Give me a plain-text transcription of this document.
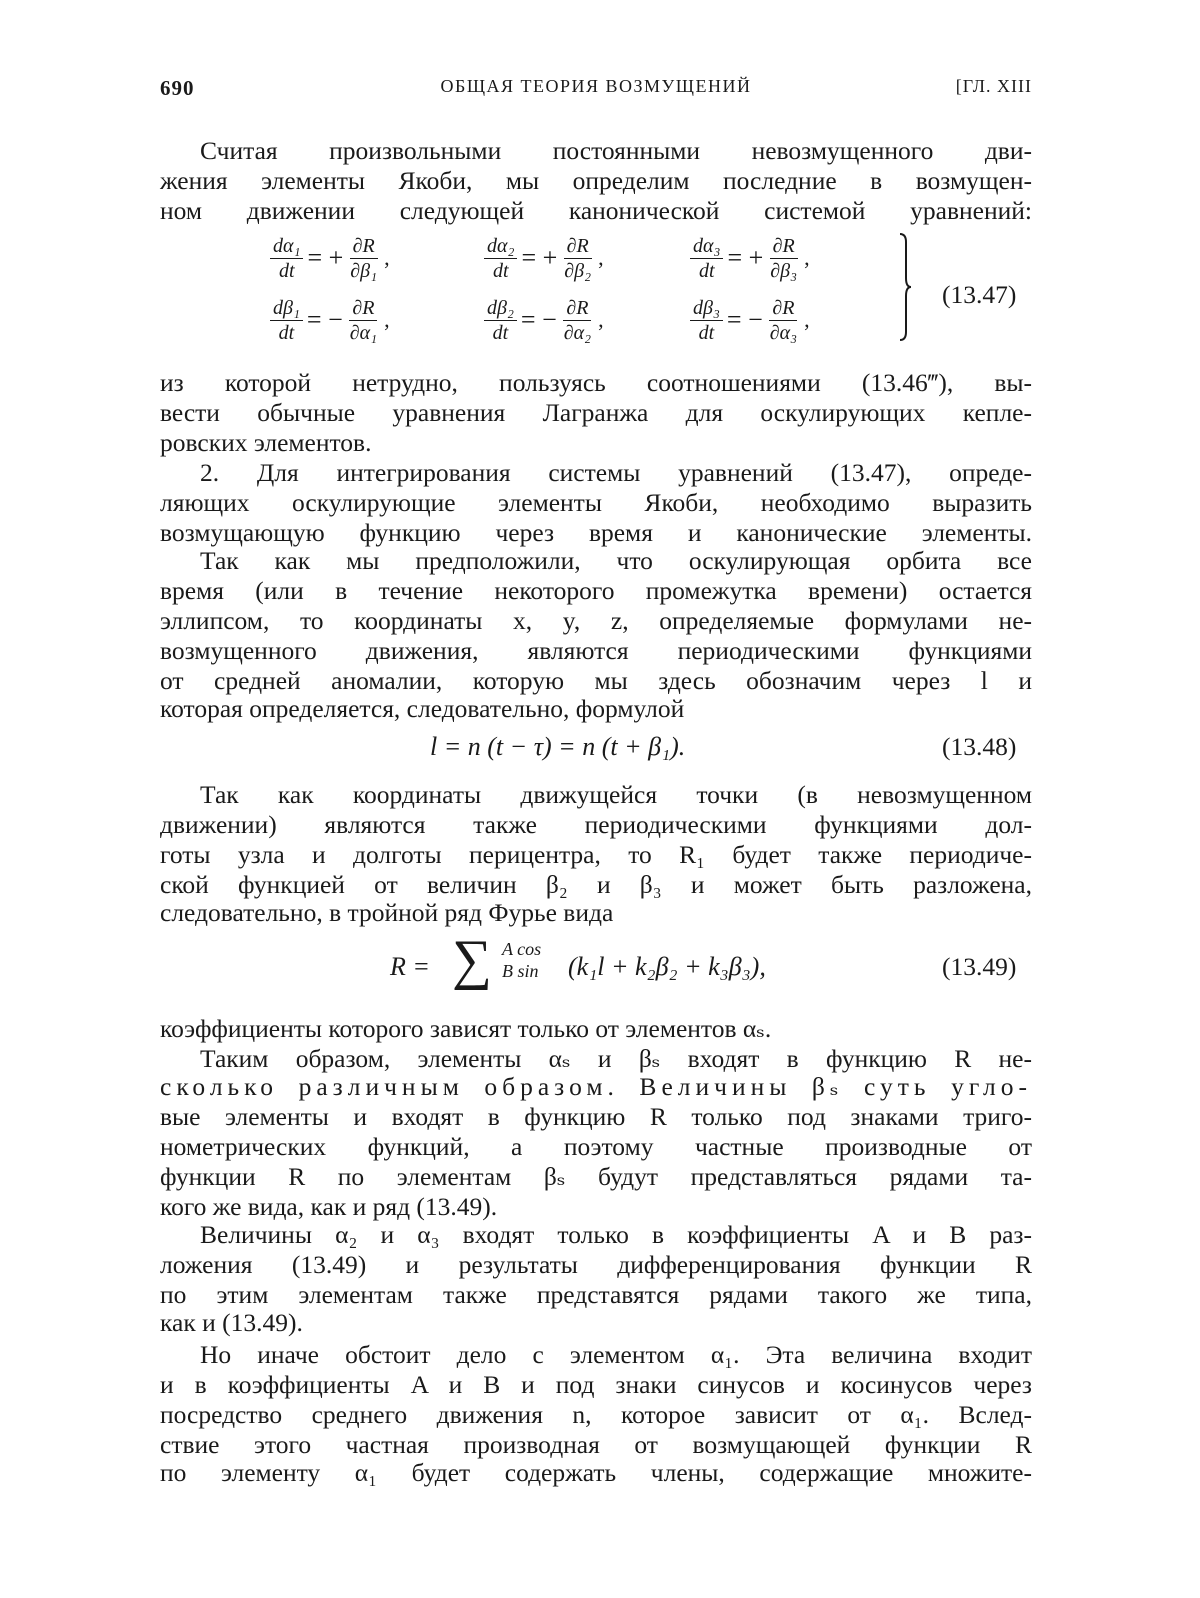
690	ОБЩАЯ ТЕОРИЯ ВОЗМУЩЕНИЙ	[ГЛ. XIII

Считая произвольными постоянными невозмущенного дви-

жения элементы Якоби, мы определим последние в возмущен-

ном движении следующей канонической системой уравнений:

$\frac{\text{dα₁}}{dt}$ = + $\frac{\partial R}{\text{∂β₁}}$ ,	$\frac{\text{dα₂}}{dt}$ = + $\frac{\partial R}{\text{∂β₂}}$ ,	$\frac{\text{dα₃}}{dt}$ = + $\frac{\partial R}{\text{∂β₃}}$ ,
$\frac{\text{dβ₁}}{dt}$ = − $\frac{\partial R}{\text{∂α₁}}$ ,	$\frac{\text{dβ₂}}{dt}$ = − $\frac{\partial R}{\text{∂α₂}}$ ,	$\frac{\text{dβ₃}}{dt}$ = − $\frac{\partial R}{\text{∂α₃}}$ ,
(13.47)

из которой нетрудно, пользуясь соотношениями (13.46‴), вы-

вести обычные уравнения Лагранжа для оскулирующих кепле-

ровских элементов.

2. Для интегрирования системы уравнений (13.47), опреде-

ляющих оскулирующие элементы Якоби, необходимо выразить

возмущающую функцию через время и канонические элементы.

Так как мы предположили, что оскулирующая орбита все

время (или в течение некоторого промежутка времени) остается

эллипсом, то координаты x, y, z, определяемые формулами не-

возмущенного движения, являются периодическими функциями

от средней аномалии, которую мы здесь обозначим через l и

которая определяется, следовательно, формулой

l = n (t − τ) = n (t + β₁).	(13.48)

Так как координаты движущейся точки (в невозмущенном

движении) являются также периодическими функциями дол-

готы узла и долготы перицентра, то R₁ будет также периодиче-

ской функцией от величин β₂ и β₃ и может быть разложена,

следовательно, в тройной ряд Фурье вида

R = ∑ A cos
B sin (k₁l + k₂β₂ + k₃β₃),	(13.49)

коэффициенты которого зависят только от элементов αₛ.

Таким образом, элементы αₛ и βₛ входят в функцию R не-

сколько различным образом. Величины βₛ суть угло-

вые элементы и входят в функцию R только под знаками триго-

нометрических функций, а поэтому частные производные от

функции R по элементам βₛ будут представляться рядами та-

кого же вида, как и ряд (13.49).

Величины α₂ и α₃ входят только в коэффициенты A и B раз-

ложения (13.49) и результаты дифференцирования функции R

по этим элементам также представятся рядами такого же типа,

как и (13.49).

Но иначе обстоит дело с элементом α₁. Эта величина входит

и в коэффициенты A и B и под знаки синусов и косинусов через

посредство среднего движения n, которое зависит от α₁. Вслед-

ствие этого частная производная от возмущающей функции R

по элементу α₁ будет содержать члены, содержащие множите-
